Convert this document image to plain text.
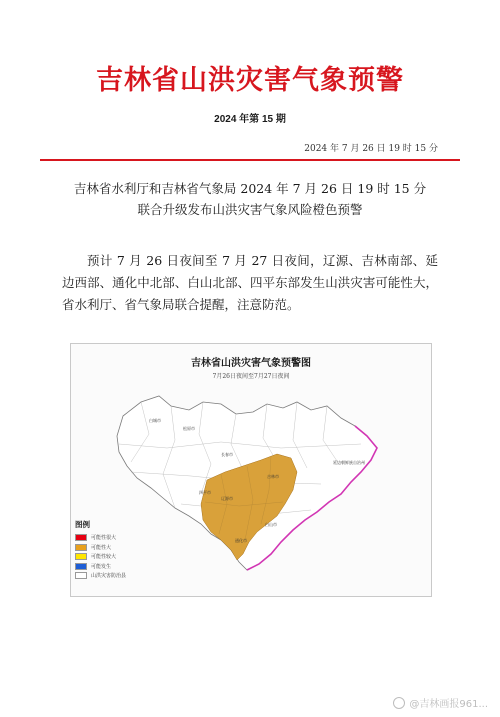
吉林省山洪灾害气象预警
2024 年第 15 期
2024 年 7 月 26 日 19 时 15 分
吉林省水利厅和吉林省气象局 2024 年 7 月 26 日 19 时 15 分
联合升级发布山洪灾害气象风险橙色预警
预计 7 月 26 日夜间至 7 月 27 日夜间，辽源、吉林南部、延边西部、通化中北部、白山北部、四平东部发生山洪灾害可能性大，省水利厅、省气象局联合提醒，注意防范。
吉林省山洪灾害气象预警图
7月26日夜间至7月27日夜间
白城市
松原市
长春市
四平市
辽源市
吉林市
通化市
白山市
延边朝鲜族自治州
图例
可能性很大
可能性大
可能性较大
可能发生
山洪灾害防治县
@吉林画报961...
